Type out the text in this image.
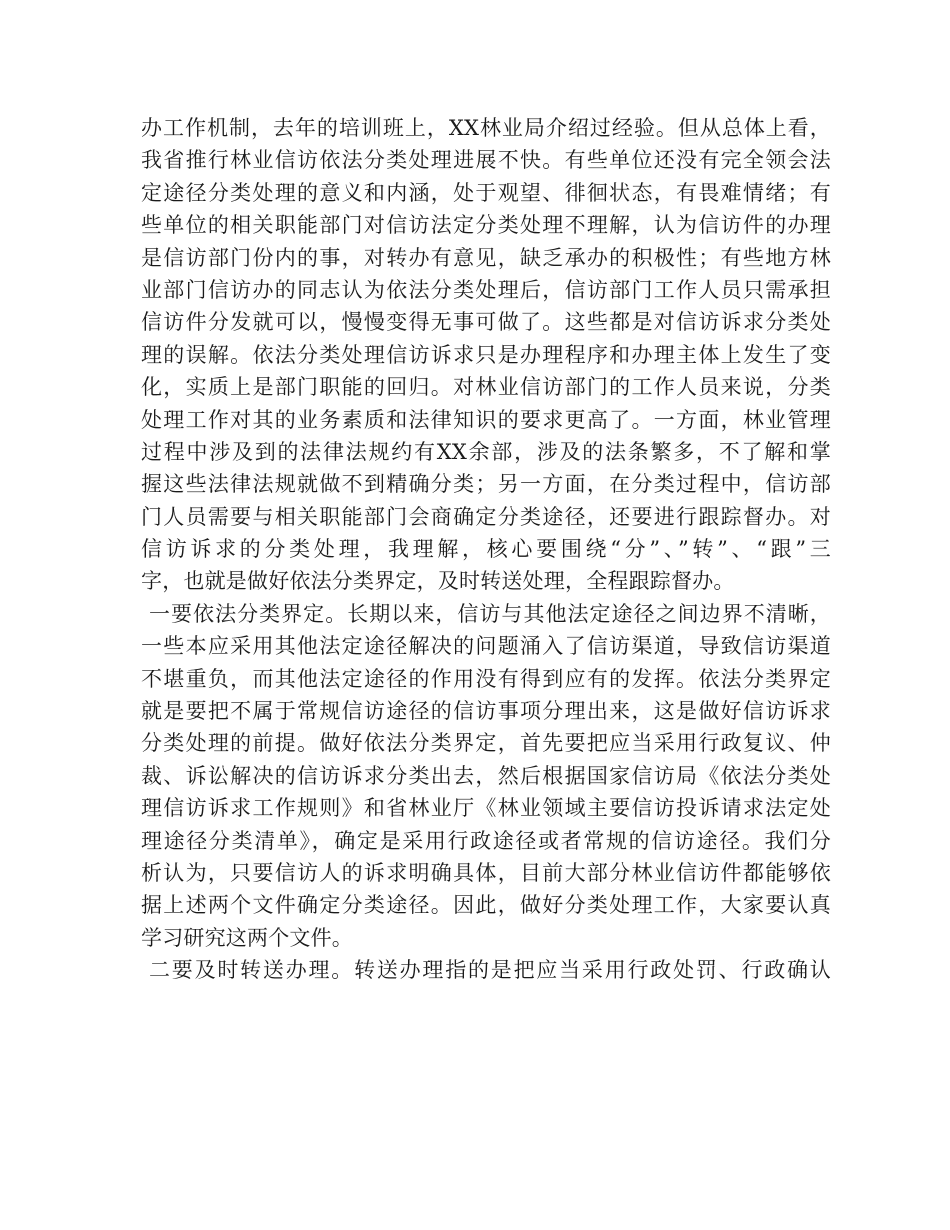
办工作机制，去年的培训班上，XX林业局介绍过经验。但从总体上看，
我省推行林业信访依法分类处理进展不快。有些单位还没有完全领会法
定途径分类处理的意义和内涵，处于观望、徘徊状态，有畏难情绪；有
些单位的相关职能部门对信访法定分类处理不理解，认为信访件的办理
是信访部门份内的事，对转办有意见，缺乏承办的积极性；有些地方林
业部门信访办的同志认为依法分类处理后，信访部门工作人员只需承担
信访件分发就可以，慢慢变得无事可做了。这些都是对信访诉求分类处
理的误解。依法分类处理信访诉求只是办理程序和办理主体上发生了变
化，实质上是部门职能的回归。对林业信访部门的工作人员来说，分类
处理工作对其的业务素质和法律知识的要求更高了。一方面，林业管理
过程中涉及到的法律法规约有XX余部，涉及的法条繁多，不了解和掌
握这些法律法规就做不到精确分类；另一方面，在分类过程中，信访部
门人员需要与相关职能部门会商确定分类途径，还要进行跟踪督办。对
信访诉求的分类处理，我理解，核心要围绕“分”、”转”、“跟”三
字，也就是做好依法分类界定，及时转送处理，全程跟踪督办。
一要依法分类界定。长期以来，信访与其他法定途径之间边界不清晰，
一些本应采用其他法定途径解决的问题涌入了信访渠道，导致信访渠道
不堪重负，而其他法定途径的作用没有得到应有的发挥。依法分类界定
就是要把不属于常规信访途径的信访事项分理出来，这是做好信访诉求
分类处理的前提。做好依法分类界定，首先要把应当采用行政复议、仲
裁、诉讼解决的信访诉求分类出去，然后根据国家信访局《依法分类处
理信访诉求工作规则》和省林业厅《林业领域主要信访投诉请求法定处
理途径分类清单》，确定是采用行政途径或者常规的信访途径。我们分
析认为，只要信访人的诉求明确具体，目前大部分林业信访件都能够依
据上述两个文件确定分类途径。因此，做好分类处理工作，大家要认真
学习研究这两个文件。
二要及时转送办理。转送办理指的是把应当采用行政处罚、行政确认
